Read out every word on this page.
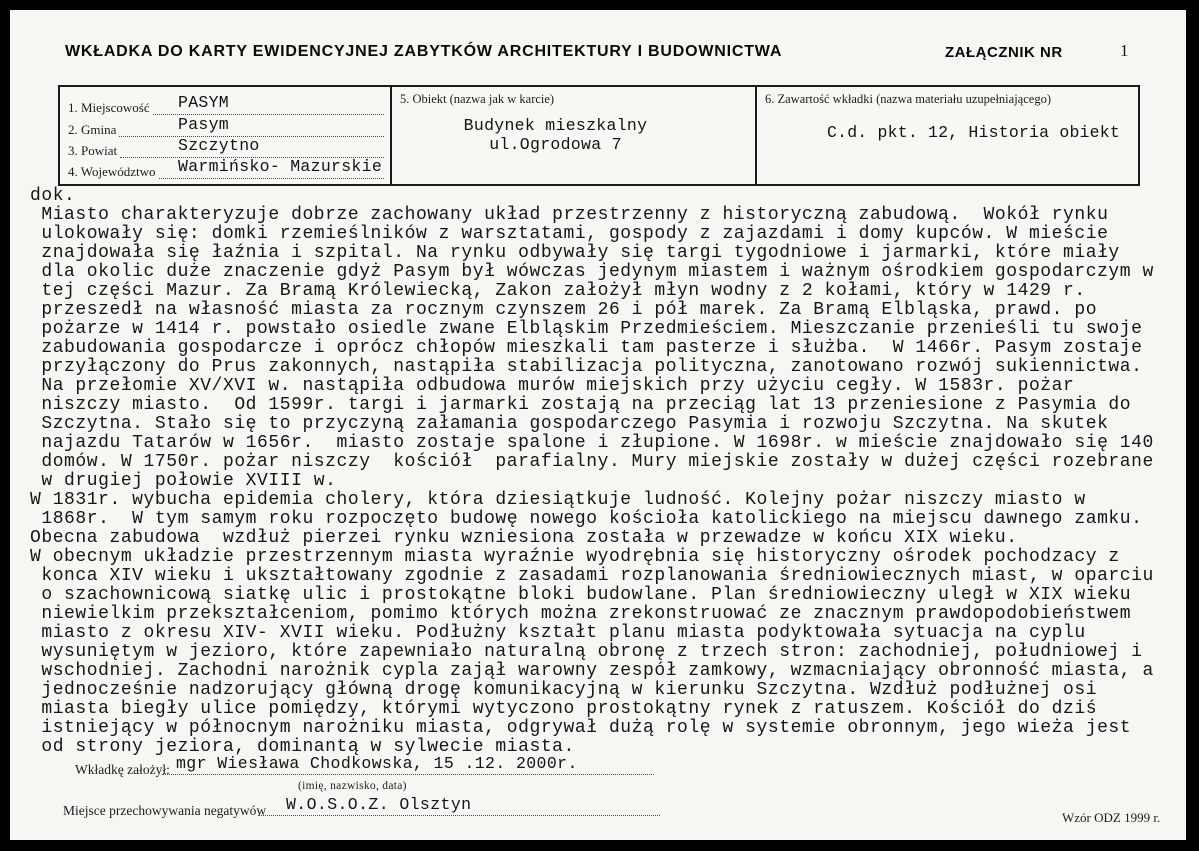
WKŁADKA DO KARTY EWIDENCYJNEJ ZABYTKÓW ARCHITEKTURY I BUDOWNICTWA	ZAŁĄCZNIK NR	1
1. Miejscowość PASYM
2. Gmina	Pasym
3. Powiat	Szczytno
4. Województwo Warmińsko- Mazurskie
5. Obiekt (nazwa jak w karcie)
Budynek mieszkalny
ul.Ogrodowa 7
6. Zawartość wkładki (nazwa materiału uzupełniającego)
C.d. pkt. 12, Historia obiekt
dok.
Miasto charakteryzuje dobrze zachowany układ przestrzenny z historyczną zabudową.  Wokół rynku
ulokowały się: domki rzemieślników z warsztatami, gospody z zajazdami i domy kupców. W mieście
znajdowała się łaźnia i szpital. Na rynku odbywały się targi tygodniowe i jarmarki, które miały
dla okolic duże znaczenie gdyż Pasym był wówczas jedynym miastem i ważnym ośrodkiem gospodarczym w
tej części Mazur. Za Bramą Królewiecką, Zakon założył młyn wodny z 2 kołami, który w 1429 r.
przeszedł na własność miasta za rocznym czynszem 26 i pół marek. Za Bramą Elbląska, prawd. po
pożarze w 1414 r. powstało osiedle zwane Elbląskim Przedmieściem. Mieszczanie przenieśli tu swoje
zabudowania gospodarcze i oprócz chłopów mieszkali tam pasterze i służba.  W 1466r. Pasym zostaje
przyłączony do Prus zakonnych, nastąpiła stabilizacja polityczna, zanotowano rozwój sukiennictwa.
Na przełomie XV/XVI w. nastąpiła odbudowa murów miejskich przy użyciu cegły. W 1583r. pożar
niszczy miasto.  Od 1599r. targi i jarmarki zostają na przeciąg lat 13 przeniesione z Pasymia do
Szczytna. Stało się to przyczyną załamania gospodarczego Pasymia i rozwoju Szczytna. Na skutek
najazdu Tatarów w 1656r.  miasto zostaje spalone i złupione. W 1698r. w mieście znajdowało się 140
domów. W 1750r. pożar niszczy  kościół  parafialny. Mury miejskie zostały w dużej części rozebrane
w drugiej połowie XVIII w.
W 1831r. wybucha epidemia cholery, która dziesiątkuje ludność. Kolejny pożar niszczy miasto w
1868r.  W tym samym roku rozpoczęto budowę nowego kościoła katolickiego na miejscu dawnego zamku.
Obecna zabudowa  wzdłuż pierzei rynku wzniesiona została w przewadze w końcu XIX wieku.
W obecnym układzie przestrzennym miasta wyraźnie wyodrębnia się historyczny ośrodek pochodzacy z
konca XIV wieku i ukształtowany zgodnie z zasadami rozplanowania średniowiecznych miast, w oparciu
o szachownicową siatkę ulic i prostokątne bloki budowlane. Plan średniowieczny uległ w XIX wieku
niewielkim przekształceniom, pomimo których można zrekonstruować ze znacznym prawdopodobieństwem
miasto z okresu XIV- XVII wieku. Podłużny kształt planu miasta podyktowała sytuacja na cyplu
wysuniętym w jezioro, które zapewniało naturalną obronę z trzech stron: zachodniej, południowej i
wschodniej. Zachodni narożnik cypla zajął warowny zespół zamkowy, wzmacniający obronność miasta, a
jednocześnie nadzorujący główną drogę komunikacyjną w kierunku Szczytna. Wzdłuż podłużnej osi
miasta biegły ulice pomiędzy, którymi wytyczono prostokątny rynek z ratuszem. Kościół do dziś
istniejący w północnym narożniku miasta, odgrywał dużą rolę w systemie obronnym, jego wieża jest
od strony jeziora, dominantą w sylwecie miasta.
Wkładkę założył: mgr Wiesława Chodkowska, 15 .12. 2000r.
(imię, nazwisko, data)
Miejsce przechowywania negatywów W.O.S.O.Z. Olsztyn
Wzór ODZ 1999 r.
